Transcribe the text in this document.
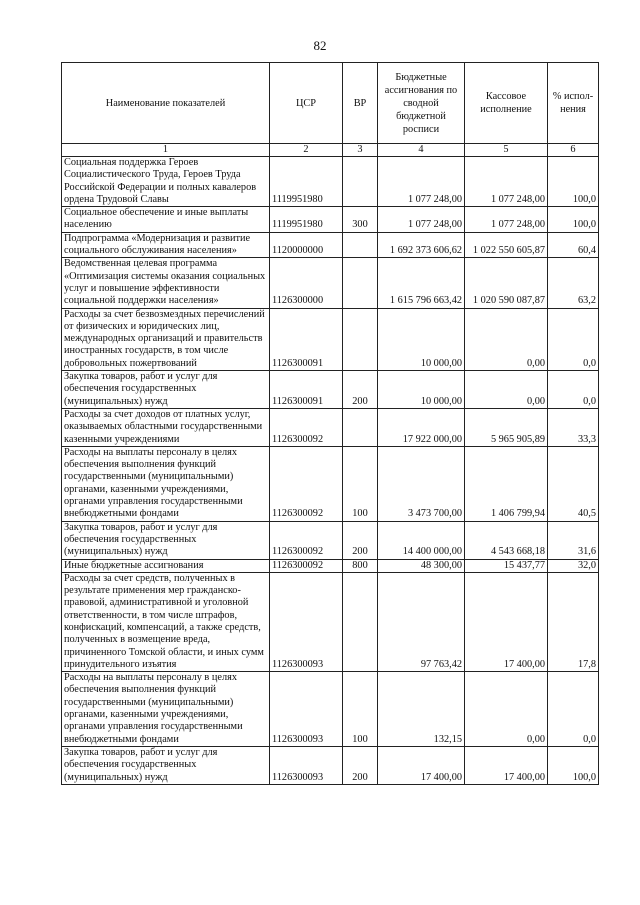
82
Наименование показателей	ЦСР	ВР	Бюджетные ассигнования по сводной бюджетной росписи	Кассовое исполнение	% испол-нения
1	2	3	4	5	6
Социальная поддержка Героев Социалистического Труда, Героев Труда Российской Федерации и полных кавалеров ордена Трудовой Славы	1119951980		1 077 248,00	1 077 248,00	100,0
Социальное обеспечение и иные выплаты населению	1119951980	300	1 077 248,00	1 077 248,00	100,0
Подпрограмма «Модернизация и развитие социального обслуживания населения»	1120000000		1 692 373 606,62	1 022 550 605,87	60,4
Ведомственная целевая программа «Оптимизация системы оказания социальных услуг и повышение эффективности социальной поддержки населения»	1126300000		1 615 796 663,42	1 020 590 087,87	63,2
Расходы за счет безвозмездных перечислений от физических и юридических лиц, международных организаций и правительств иностранных государств, в том числе добровольных пожертвований	1126300091		10 000,00	0,00	0,0
Закупка товаров, работ и услуг для обеспечения государственных (муниципальных) нужд	1126300091	200	10 000,00	0,00	0,0
Расходы за счет доходов от платных услуг, оказываемых областными государственными казенными учреждениями	1126300092		17 922 000,00	5 965 905,89	33,3
Расходы на выплаты персоналу в целях обеспечения выполнения функций государственными (муниципальными) органами, казенными учреждениями, органами управления государственными внебюджетными фондами	1126300092	100	3 473 700,00	1 406 799,94	40,5
Закупка товаров, работ и услуг для обеспечения государственных (муниципальных) нужд	1126300092	200	14 400 000,00	4 543 668,18	31,6
Иные бюджетные ассигнования	1126300092	800	48 300,00	15 437,77	32,0
Расходы за счет средств, полученных в результате применения мер гражданско-правовой, административной и уголовной ответственности, в том числе штрафов, конфискаций, компенсаций, а также средств, полученных в возмещение вреда, причиненного Томской области, и иных сумм принудительного изъятия	1126300093		97 763,42	17 400,00	17,8
Расходы на выплаты персоналу в целях обеспечения выполнения функций государственными (муниципальными) органами, казенными учреждениями, органами управления государственными внебюджетными фондами	1126300093	100	132,15	0,00	0,0
Закупка товаров, работ и услуг для обеспечения государственных (муниципальных) нужд	1126300093	200	17 400,00	17 400,00	100,0
